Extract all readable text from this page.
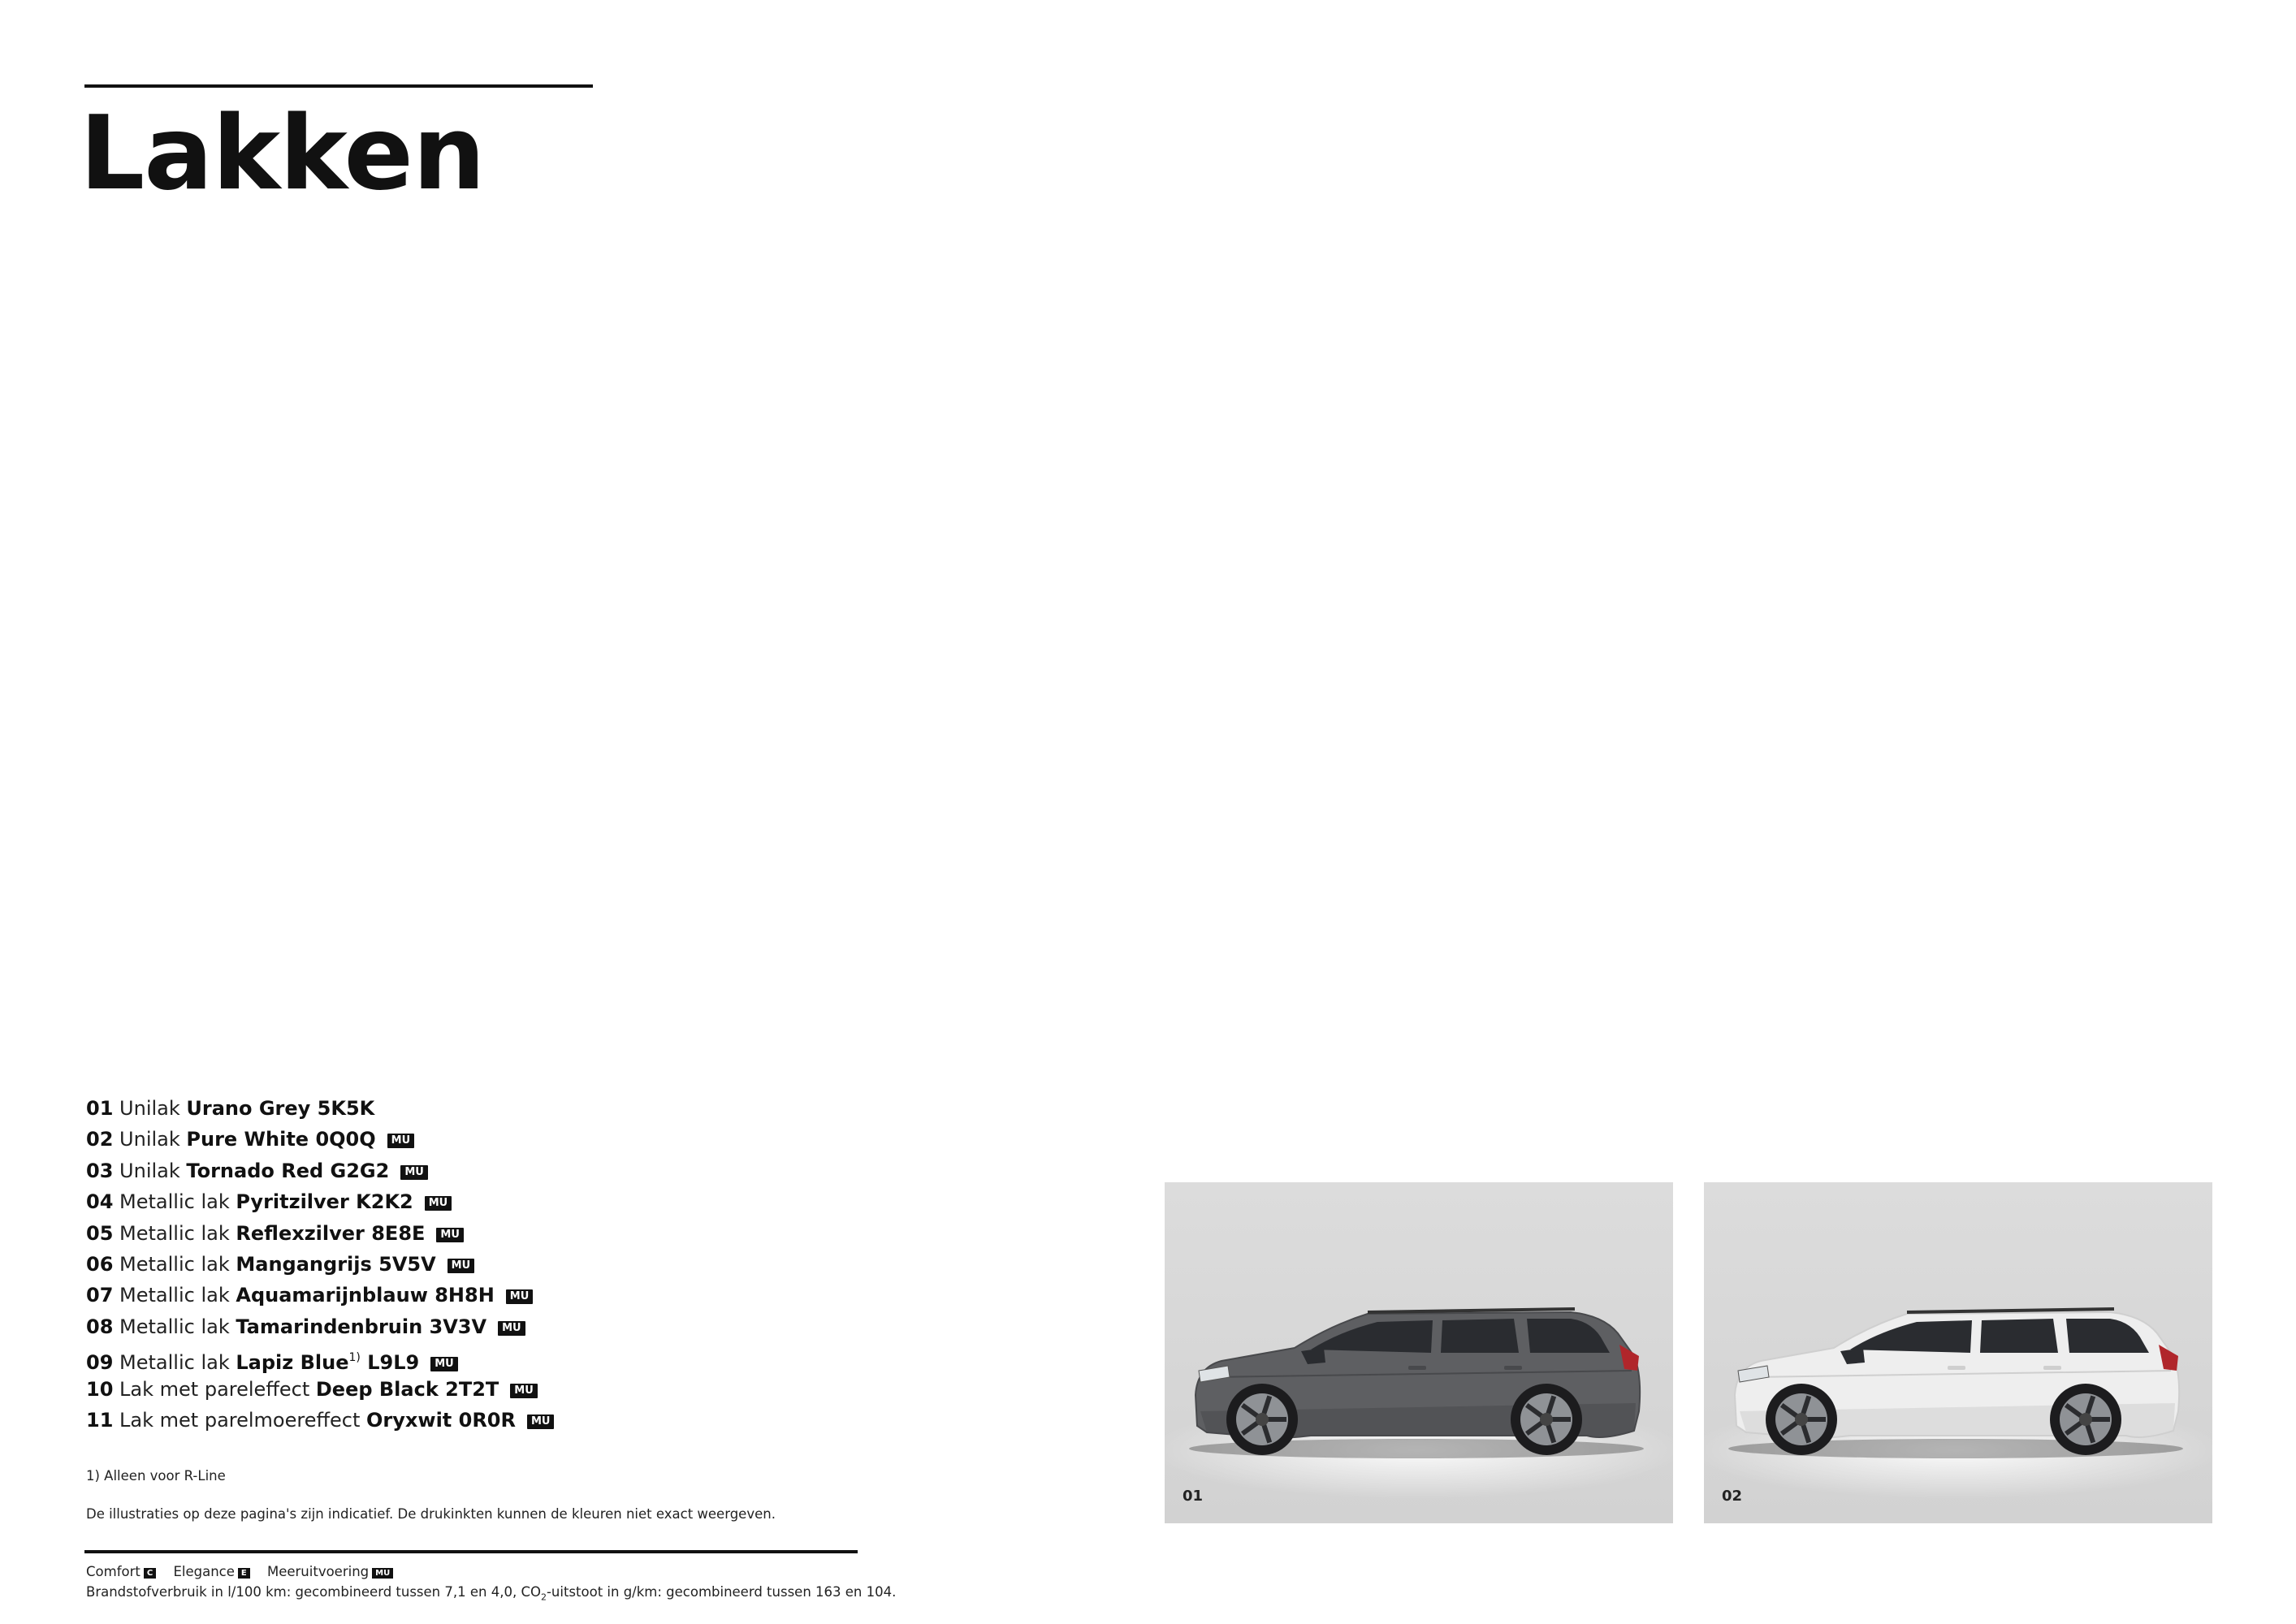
Lakken
01 Unilak Urano Grey 5K5K
02 Unilak Pure White 0Q0Q MU
03 Unilak Tornado Red G2G2 MU
04 Metallic lak Pyritzilver K2K2 MU
05 Metallic lak Reflexzilver 8E8E MU
06 Metallic lak Mangangrijs 5V5V MU
07 Metallic lak Aquamarijnblauw 8H8H MU
08 Metallic lak Tamarindenbruin 3V3V MU
09 Metallic lak Lapiz Blue$^{1)}$ L9L9 MU
10 Lak met pareleffect Deep Black 2T2T MU
11 Lak met parelmoereffect Oryxwit 0R0R MU

1) Alleen voor R-Line

De illustraties op deze pagina's zijn indicatief. De drukinkten kunnen de kleuren niet exact weergeven.

Comfort C Elegance E Meeruitvoering MU

Brandstofverbruik in l/100 km: gecombineerd tussen 7,1 en 4,0, $CO_2$-uitstoot in g/km: gecombineerd tussen 163 en 104.

01	02
